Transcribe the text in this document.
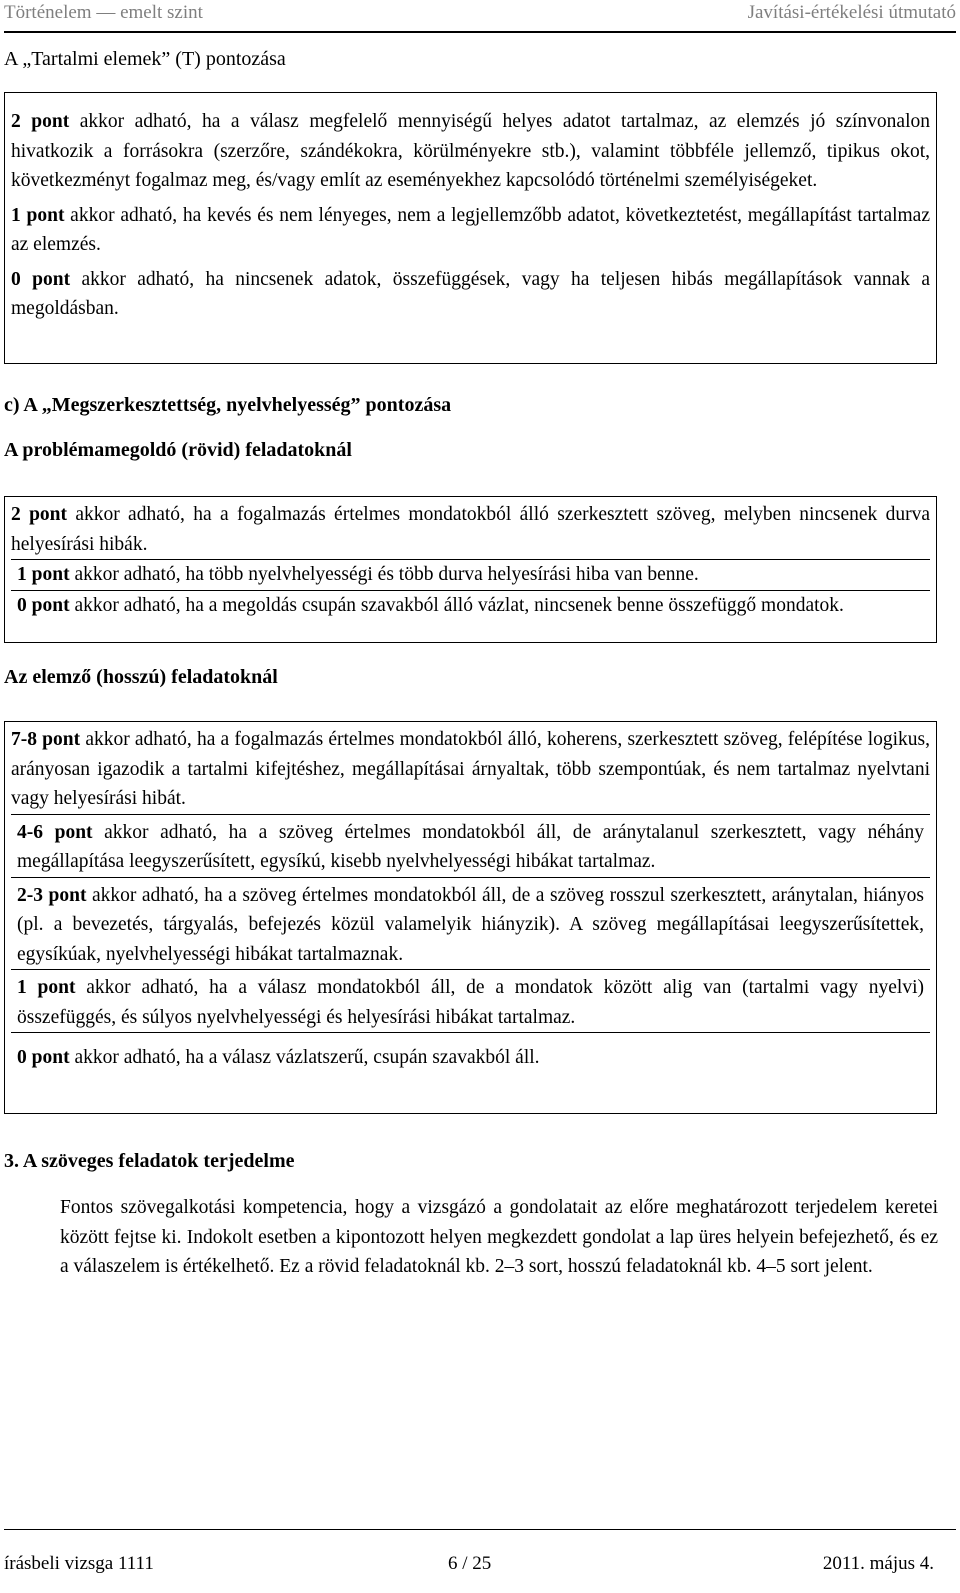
Történelem — emelt szint	Javítási-értékelési útmutató
A „Tartalmi elemek” (T) pontozása

2 pont akkor adható, ha a válasz megfelelő mennyiségű helyes adatot tartalmaz, az elemzés jó színvonalon hivatkozik a forrásokra (szerzőre, szándékokra, körülményekre stb.), valamint többféle jellemző, tipikus okot, következményt fogalmaz meg, és/vagy említ az eseményekhez kapcsolódó történelmi személyiségeket.

1 pont akkor adható, ha kevés és nem lényeges, nem a legjellemzőbb adatot, következtetést, megállapítást tartalmaz az elemzés.

0 pont akkor adható, ha nincsenek adatok, összefüggések, vagy ha teljesen hibás megállapítások vannak a megoldásban.

c) A „Megszerkesztettség, nyelvhelyesség” pontozása
A problémamegoldó (rövid) feladatoknál

2 pont akkor adható, ha a fogalmazás értelmes mondatokból álló szerkesztett szöveg, melyben nincsenek durva helyesírási hibák.

1 pont akkor adható, ha több nyelvhelyességi és több durva helyesírási hiba van benne.

0 pont akkor adható, ha a megoldás csupán szavakból álló vázlat, nincsenek benne összefüggő mondatok.

Az elemző (hosszú) feladatoknál

7-8 pont akkor adható, ha a fogalmazás értelmes mondatokból álló, koherens, szerkesztett szöveg, felépítése logikus, arányosan igazodik a tartalmi kifejtéshez, megállapításai árnyaltak, több szempontúak, és nem tartalmaz nyelvtani vagy helyesírási hibát.

4-6 pont akkor adható, ha a szöveg értelmes mondatokból áll, de aránytalanul szerkesztett, vagy néhány megállapítása leegyszerűsített, egysíkú, kisebb nyelvhelyességi hibákat tartalmaz.

2-3 pont akkor adható, ha a szöveg értelmes mondatokból áll, de a szöveg rosszul szerkesztett, aránytalan, hiányos (pl. a bevezetés, tárgyalás, befejezés közül valamelyik hiányzik). A szöveg megállapításai leegyszerűsítettek, egysíkúak, nyelvhelyességi hibákat tartalmaznak.

1 pont akkor adható, ha a válasz mondatokból áll, de a mondatok között alig van (tartalmi vagy nyelvi) összefüggés, és súlyos nyelvhelyességi és helyesírási hibákat tartalmaz.

0 pont akkor adható, ha a válasz vázlatszerű, csupán szavakból áll.

3. A szöveges feladatok terjedelme
Fontos szövegalkotási kompetencia, hogy a vizsgázó a gondolatait az előre meghatározott terjedelem keretei között fejtse ki. Indokolt esetben a kipontozott helyen megkezdett gondolat a lap üres helyein befejezhető, és ez a válaszelem is értékelhető. Ez a rövid feladatoknál kb. 2–3 sort, hosszú feladatoknál kb. 4–5 sort jelent.
írásbeli vizsga 1111	6 / 25	2011. május 4.
